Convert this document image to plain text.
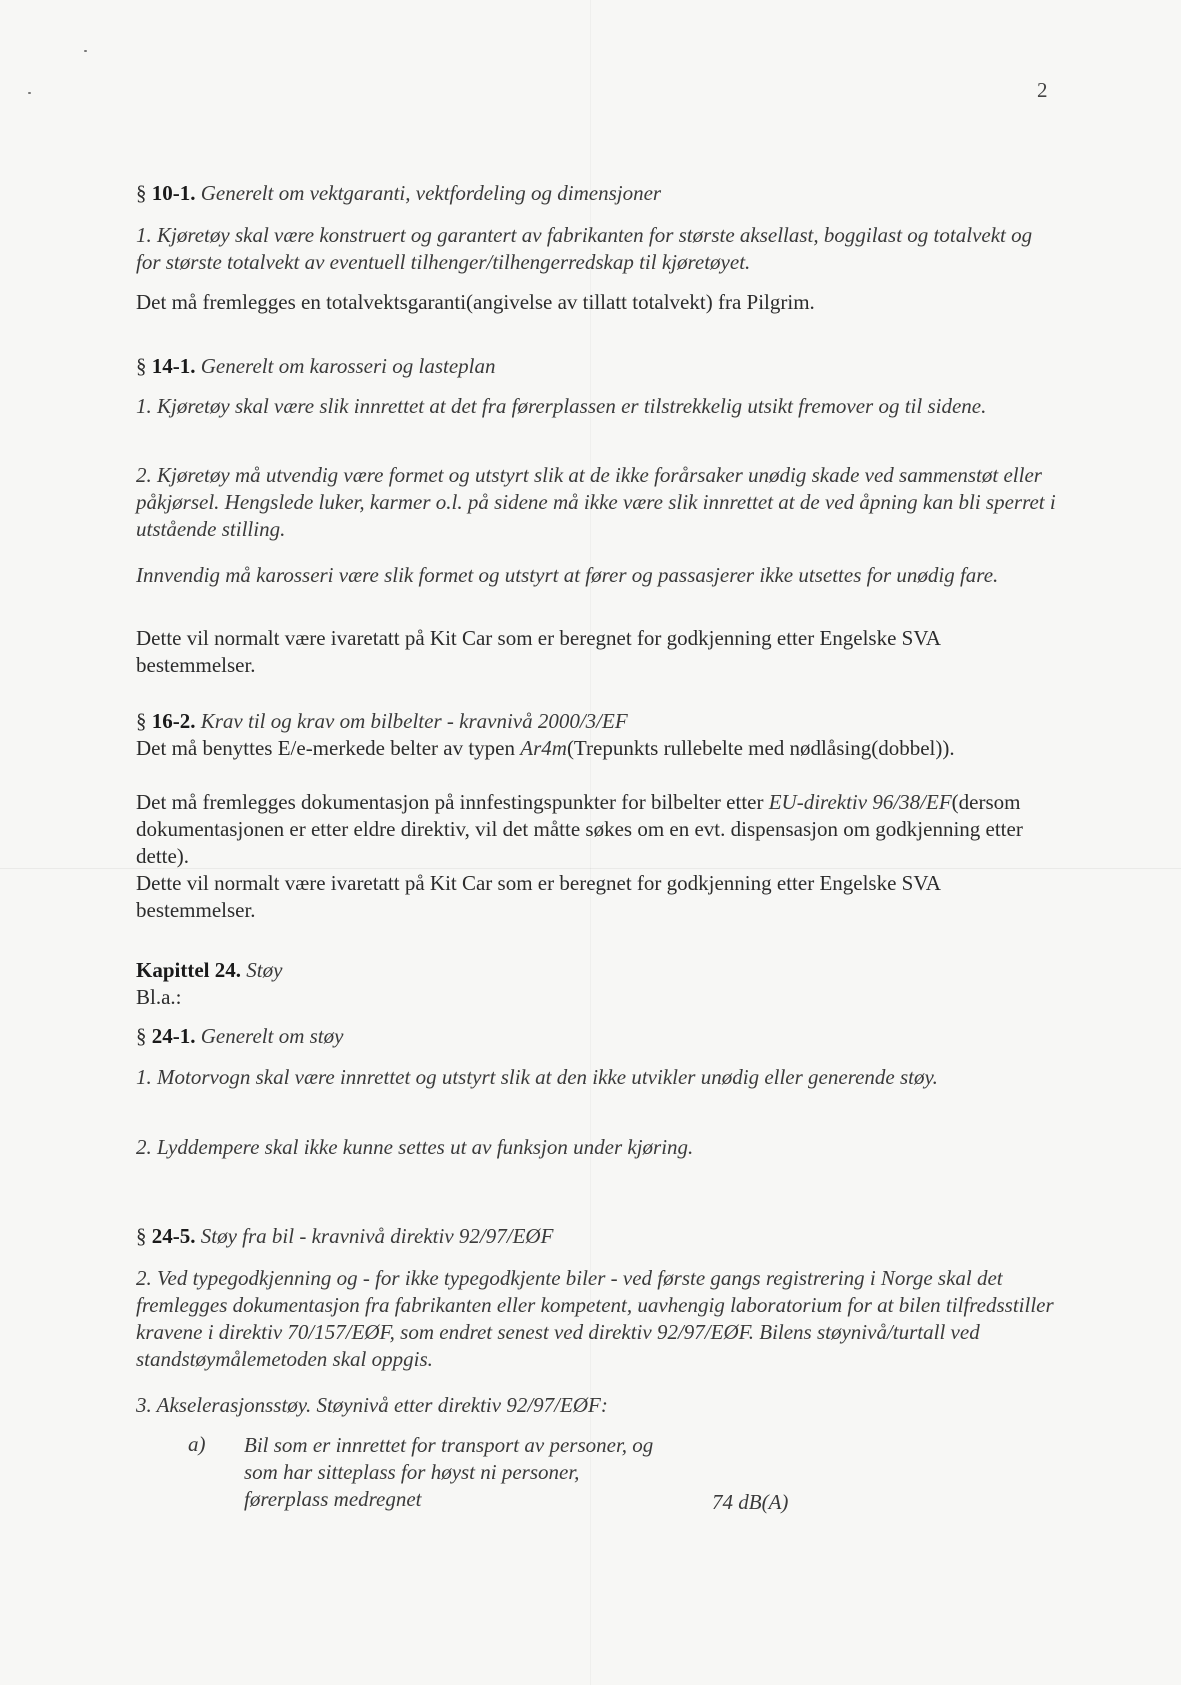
2
§ 10-1. Generelt om vektgaranti, vektfordeling og dimensjoner
1. Kjøretøy skal være konstruert og garantert av fabrikanten for største aksellast, boggilast og totalvekt og for største totalvekt av eventuell tilhenger/tilhengerredskap til kjøretøyet.
Det må fremlegges en totalvektsgaranti(angivelse av tillatt totalvekt) fra Pilgrim.
§ 14-1. Generelt om karosseri og lasteplan
1. Kjøretøy skal være slik innrettet at det fra førerplassen er tilstrekkelig utsikt fremover og til sidene.
2. Kjøretøy må utvendig være formet og utstyrt slik at de ikke forårsaker unødig skade ved sammenstøt eller påkjørsel. Hengslede luker, karmer o.l. på sidene må ikke være slik innrettet at de ved åpning kan bli sperret i utstående stilling.
Innvendig må karosseri være slik formet og utstyrt at fører og passasjerer ikke utsettes for unødig fare.
Dette vil normalt være ivaretatt på Kit Car som er beregnet for godkjenning etter Engelske SVA bestemmelser.
§ 16-2. Krav til og krav om bilbelter - kravnivå 2000/3/EF
Det må benyttes E/e-merkede belter av typen Ar4m(Trepunkts rullebelte med nødlåsing(dobbel)).
Det må fremlegges dokumentasjon på innfestingspunkter for bilbelter etter EU-direktiv 96/38/EF(dersom dokumentasjonen er etter eldre direktiv, vil det måtte søkes om en evt. dispensasjon om godkjenning etter dette).
Dette vil normalt være ivaretatt på Kit Car som er beregnet for godkjenning etter Engelske SVA bestemmelser.
Kapittel 24. Støy
Bl.a.:
§ 24-1. Generelt om støy
1. Motorvogn skal være innrettet og utstyrt slik at den ikke utvikler unødig eller generende støy.
2. Lyddempere skal ikke kunne settes ut av funksjon under kjøring.
§ 24-5. Støy fra bil - kravnivå direktiv 92/97/EØF
2. Ved typegodkjenning og - for ikke typegodkjente biler - ved første gangs registrering i Norge skal det fremlegges dokumentasjon fra fabrikanten eller kompetent, uavhengig laboratorium for at bilen tilfredsstiller kravene i direktiv 70/157/EØF, som endret senest ved direktiv 92/97/EØF. Bilens støynivå/turtall ved standstøymålemetoden skal oppgis.
3. Akselerasjonsstøy. Støynivå etter direktiv 92/97/EØF:
a) Bil som er innrettet for transport av personer, og som har sitteplass for høyst ni personer, førerplass medregnet	74 dB(A)
